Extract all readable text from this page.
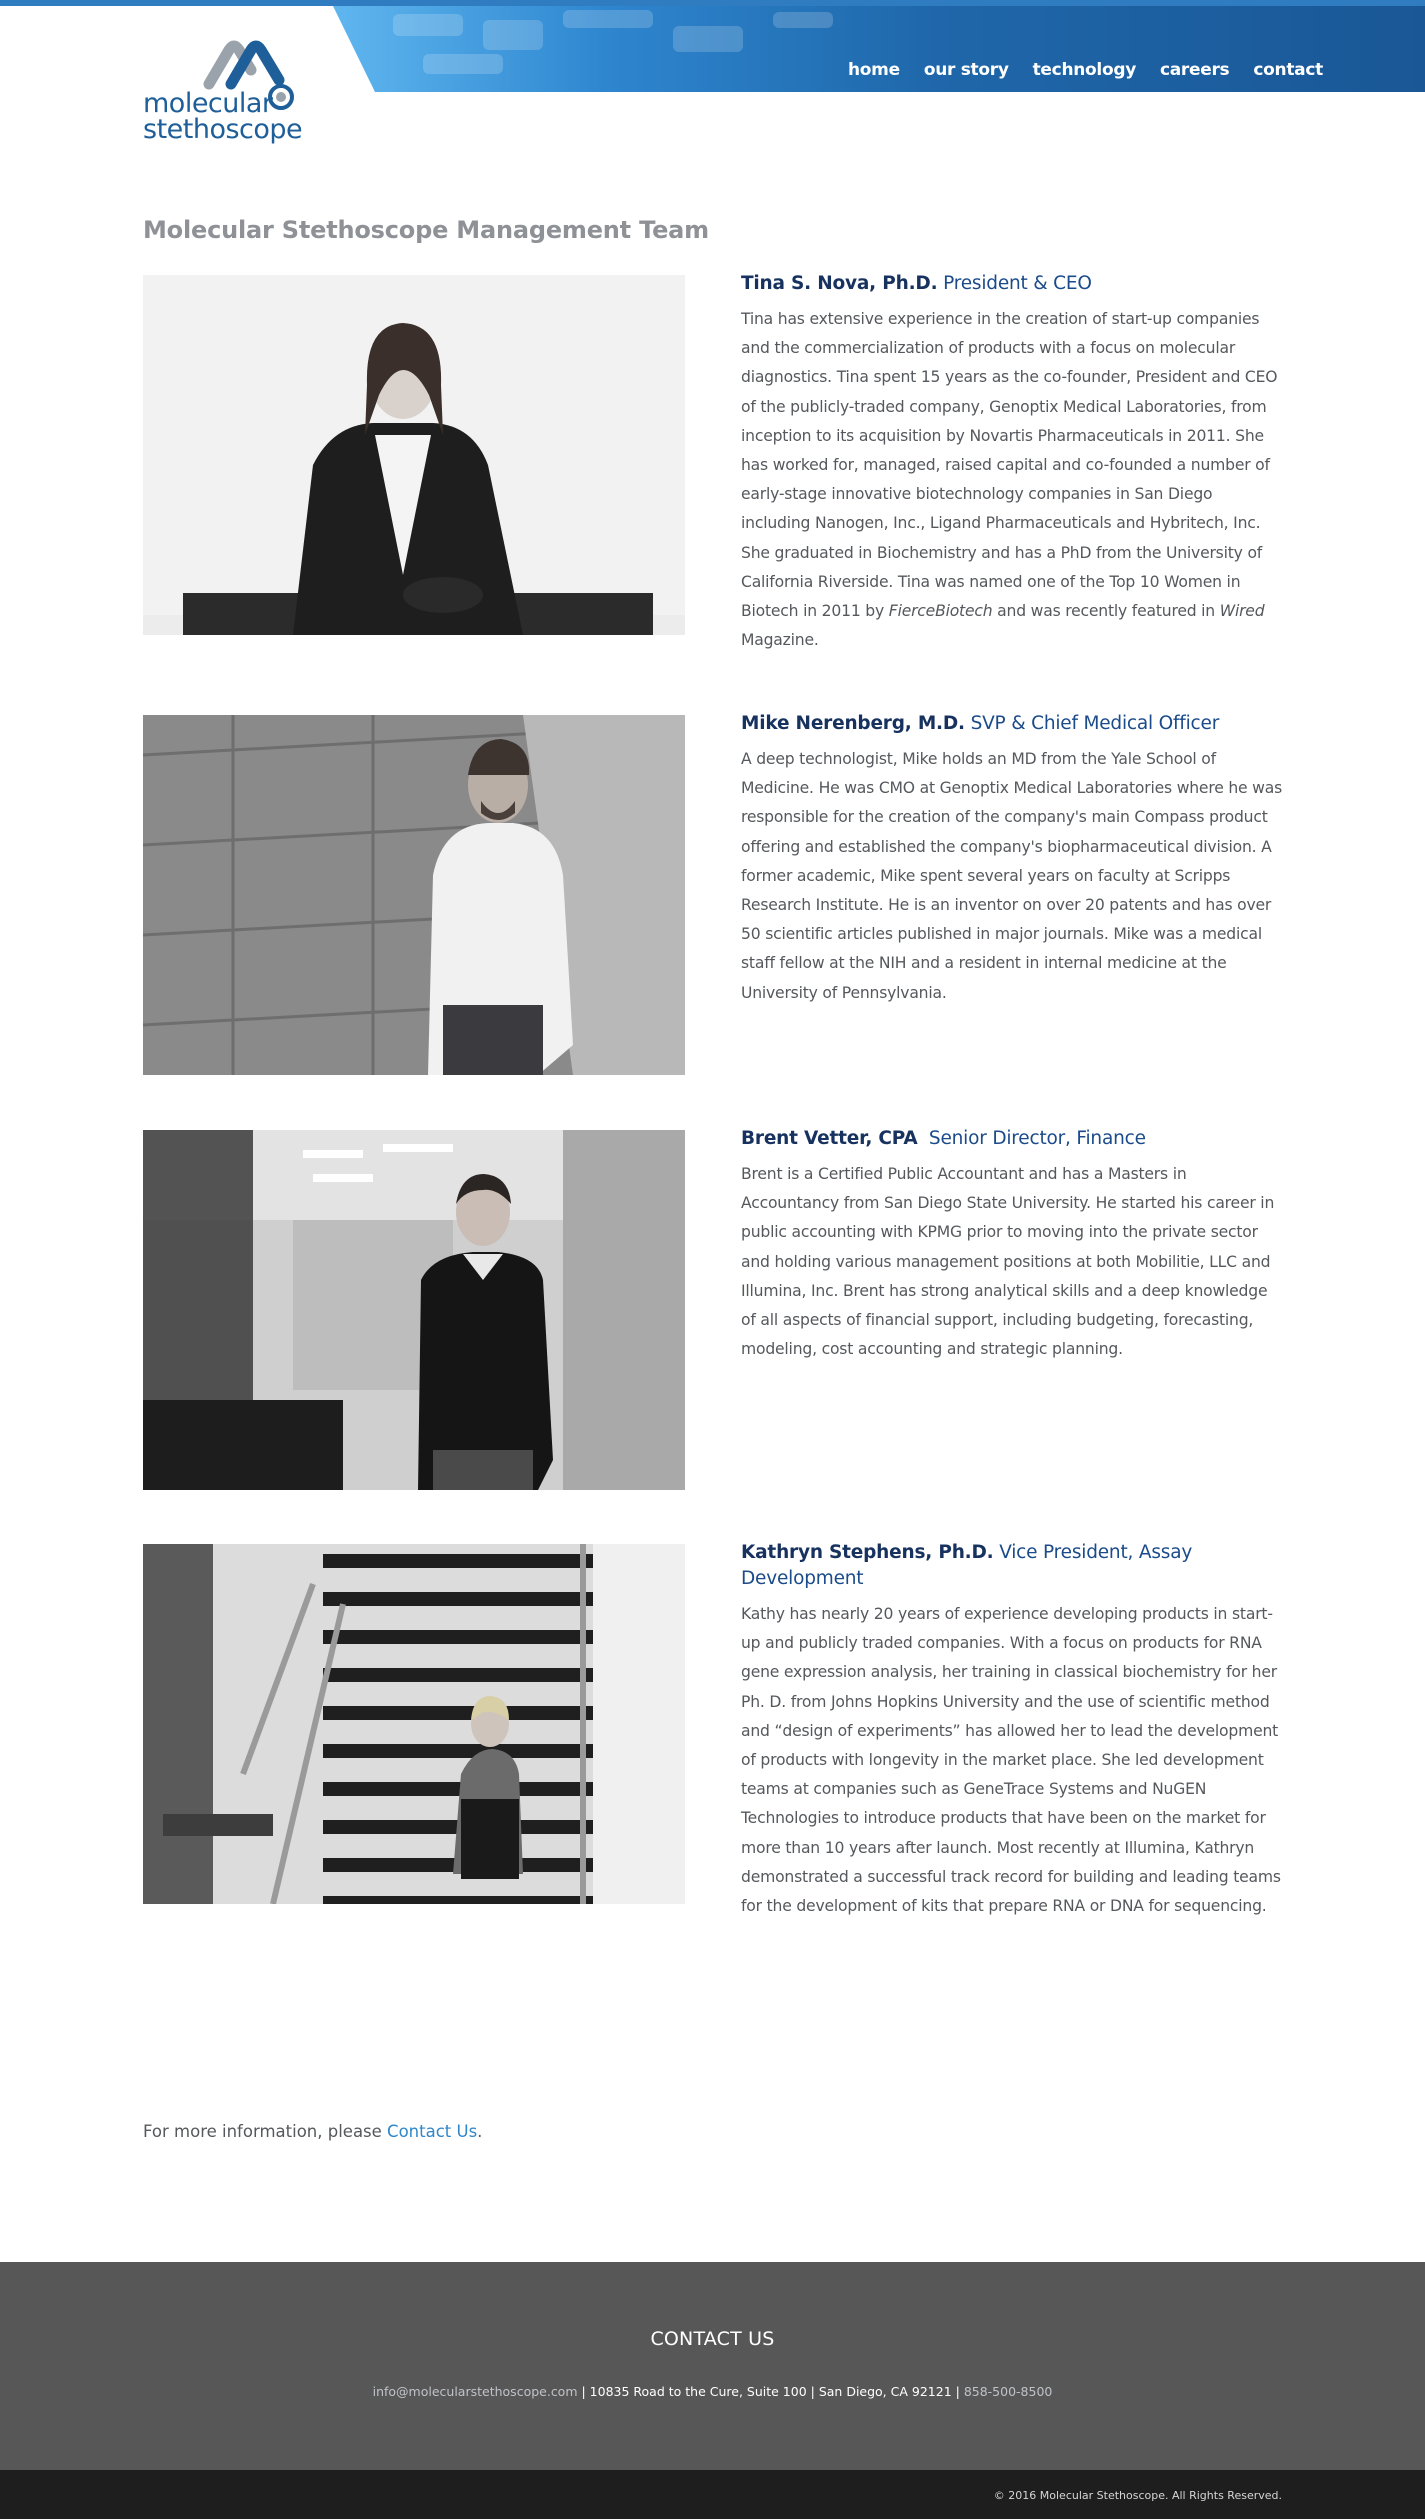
molecular
stethoscope
home our story technology careers contact
Molecular Stethoscope Management Team
Tina S. Nova, Ph.D. President & CEO

Tina has extensive experience in the creation of start-up companies and the commercialization of products with a focus on molecular diagnostics. Tina spent 15 years as the co-founder, President and CEO of the publicly-traded company, Genoptix Medical Laboratories, from inception to its acquisition by Novartis Pharmaceuticals in 2011. She has worked for, managed, raised capital and co-founded a number of early-stage innovative biotechnology companies in San Diego including Nanogen, Inc., Ligand Pharmaceuticals and Hybritech, Inc. She graduated in Biochemistry and has a PhD from the University of California Riverside. Tina was named one of the Top 10 Women in Biotech in 2011 by FierceBiotech and was recently featured in Wired Magazine.

Mike Nerenberg, M.D. SVP & Chief Medical Officer

A deep technologist, Mike holds an MD from the Yale School of Medicine. He was CMO at Genoptix Medical Laboratories where he was responsible for the creation of the company's main Compass product offering and established the company's biopharmaceutical division. A former academic, Mike spent several years on faculty at Scripps Research Institute. He is an inventor on over 20 patents and has over 50 scientific articles published in major journals. Mike was a medical staff fellow at the NIH and a resident in internal medicine at the University of Pennsylvania.

Brent Vetter, CPA Senior Director, Finance

Brent is a Certified Public Accountant and has a Masters in Accountancy from San Diego State University. He started his career in public accounting with KPMG prior to moving into the private sector and holding various management positions at both Mobilitie, LLC and Illumina, Inc. Brent has strong analytical skills and a deep knowledge of all aspects of financial support, including budgeting, forecasting, modeling, cost accounting and strategic planning.

Kathryn Stephens, Ph.D. Vice President, Assay Development

Kathy has nearly 20 years of experience developing products in start-up and publicly traded companies. With a focus on products for RNA gene expression analysis, her training in classical biochemistry for her Ph. D. from Johns Hopkins University and the use of scientific method and “design of experiments” has allowed her to lead the development of products with longevity in the market place. She led development teams at companies such as GeneTrace Systems and NuGEN Technologies to introduce products that have been on the market for more than 10 years after launch. Most recently at Illumina, Kathryn demonstrated a successful track record for building and leading teams for the development of kits that prepare RNA or DNA for sequencing.

For more information, please Contact Us.

CONTACT US
info@molecularstethoscope.com | 10835 Road to the Cure, Suite 100 | San Diego, CA 92121 | 858-500-8500
© 2016 Molecular Stethoscope. All Rights Reserved.
